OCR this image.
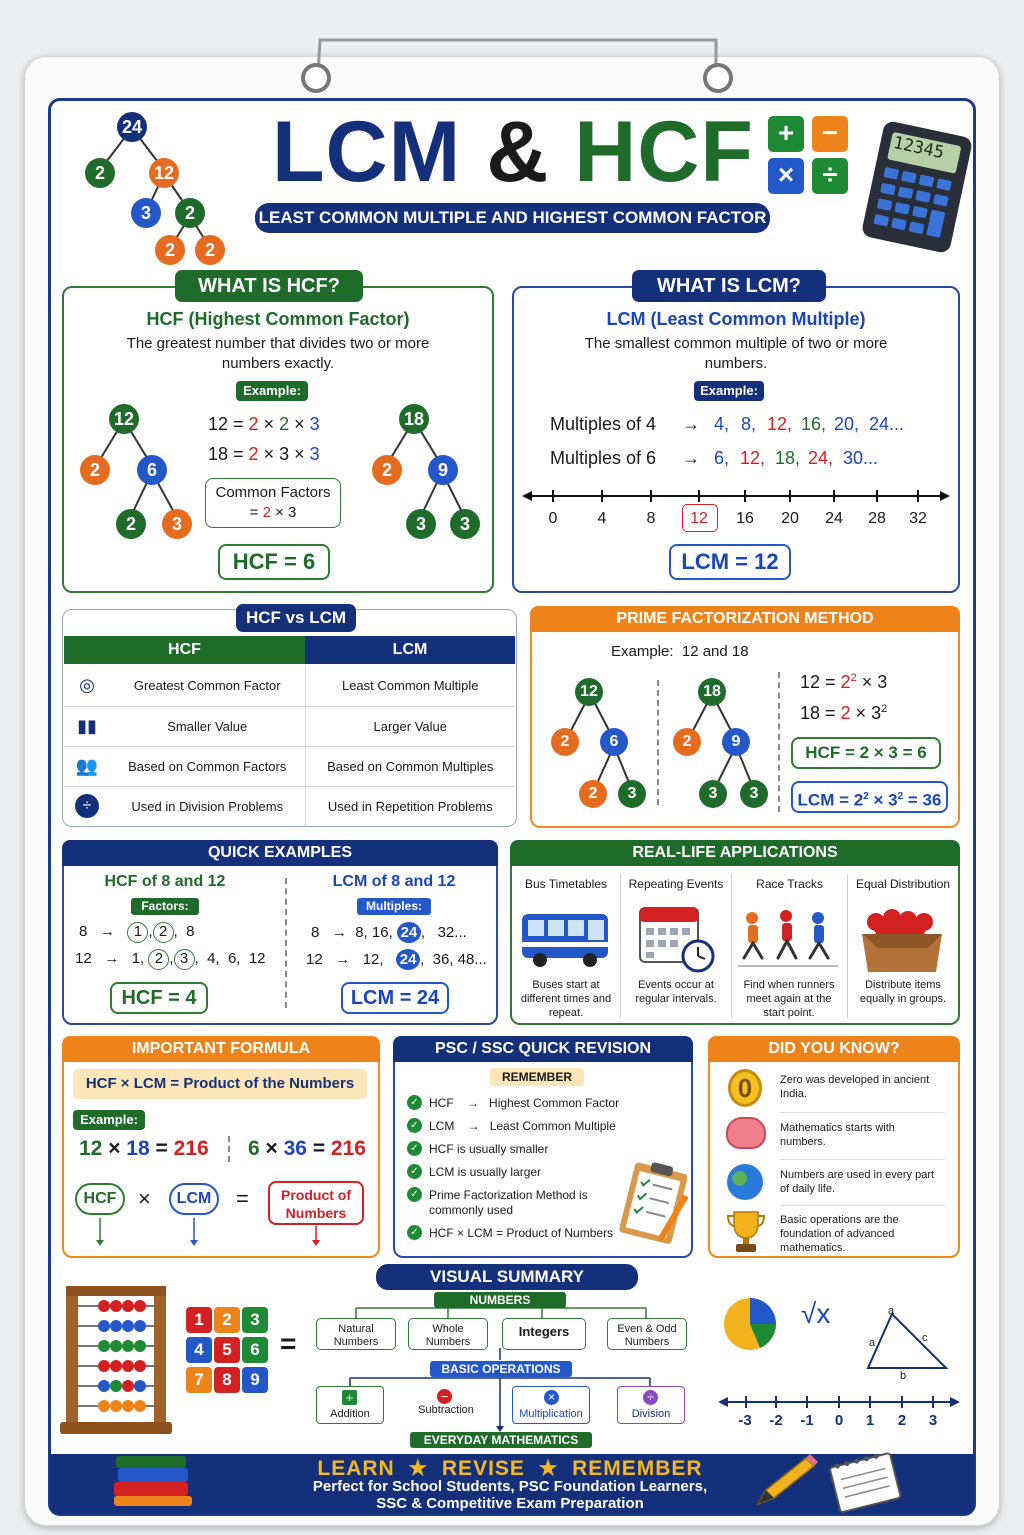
24
2	12
3	2
2	2
LCM & HCF
LEAST COMMON MULTIPLE AND HIGHEST COMMON FACTOR
+ −
×	÷
12345
WHAT IS HCF?
HCF (Highest Common Factor)
The greatest number that divides two or more numbers exactly.
Example:
12
2	6
2	3
12 = 2 × 2 × 3
18 = 2 × 3 × 3
Common Factors
= 2 × 3
18
2	9
3	3
HCF = 6
WHAT IS LCM?
LCM (Least Common Multiple)
The smallest common multiple of two or more numbers.
Example:
Multiples of 4 → 4, 8, 12, 16, 20, 24...
Multiples of 6 → 6, 12, 18, 24, 30...
0	4	8	12	16	20	24	28	32
LCM = 12
HCF vs LCM
HCF	LCM
◎	Greatest Common Factor	Least Common Multiple
▮▮	Smaller Value	Larger Value
👥	Based on Common Factors	Based on Common Multiples
÷	Used in Division Problems	Used in Repetition Problems
PRIME FACTORIZATION METHOD
Example:  12 and 18
12
2	6
2	3
18
2	9
3	3
$12 = 2^2 \times 3$
$18 = 2 \times 3^2$
HCF = 2 × 3 = 6
LCM = $2^2 \times 3^2 = 36$
QUICK EXAMPLES
HCF of 8 and 12
Factors:
8 → 1 , 2 , 8
12 → 1, 2 , 3 , 4, 6, 12
HCF = 4
LCM of 8 and 12
Multiples:
8 → 8, 16, 24 , 32...
12 → 12, 24 , 36, 48...
LCM = 24
REAL-LIFE APPLICATIONS
Bus Timetables	Repeating Events	Race Tracks	Equal Distribution
Buses start at different times and repeat.
Events occur at regular intervals.
Find when runners meet again at the start point.
Distribute items equally in groups.
IMPORTANT FORMULA
HCF × LCM = Product of the Numbers
Example:
12 × 18 = 216 6 × 36 = 216
HCF ×	LCM	=	Product of Numbers
PSC / SSC QUICK REVISION
REMEMBER
✓ HCF → Highest Common Factor
✓ LCM → Least Common Multiple
✓ HCF is usually smaller
✓ LCM is usually larger
✓ Prime Factorization Method is commonly used
✓ HCF × LCM = Product of Numbers
DID YOU KNOW?
0	Zero was developed in ancient India.
Mathematics starts with numbers.
Numbers are used in every part of daily life.
Basic operations are the foundation of advanced mathematics.
VISUAL SUMMARY
1	2	3
4	5	6
7	8	9
=
NUMBERS
Natural Numbers
Whole Numbers
Integers	Even & Odd Numbers
BASIC OPERATIONS
+
Addition
−
Subtraction
×
Multiplication
÷
Division
EVERYDAY MATHEMATICS
√x	a
c
a
b
-3	-2	-1	0	1	2	3
LEARN ★ REVISE ★ REMEMBER
Perfect for School Students, PSC Foundation Learners,
SSC & Competitive Exam Preparation
